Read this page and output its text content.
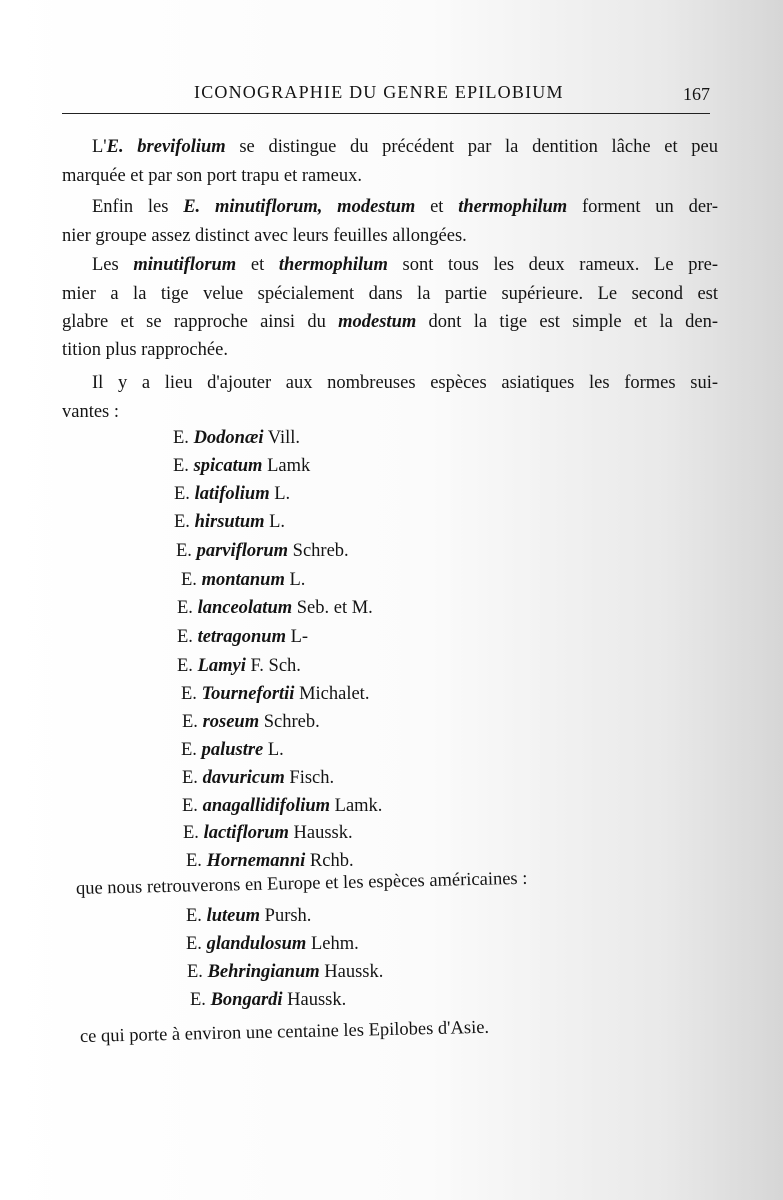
ICONOGRAPHIE DU GENRE EPILOBIUM	167
L'E. brevifolium se distingue du précédent par la dentition lâche et peu
marquée et par son port trapu et rameux.
Enfin les E. minutiflorum, modestum et thermophilum forment un der-
nier groupe assez distinct avec leurs feuilles allongées.
Les minutiflorum et thermophilum sont tous les deux rameux. Le pre-
mier a la tige velue spécialement dans la partie supérieure. Le second est
glabre et se rapproche ainsi du modestum dont la tige est simple et la den-
tition plus rapprochée.
Il y a lieu d'ajouter aux nombreuses espèces asiatiques les formes sui-
vantes :
E. Dodonæi Vill.
E. spicatum Lamk
E. latifolium L.
E. hirsutum L.
E. parviflorum Schreb.
E. montanum L.
E. lanceolatum Seb. et M.
E. tetragonum L-
E. Lamyi F. Sch.
E. Tournefortii Michalet.
E. roseum Schreb.
E. palustre L.
E. davuricum Fisch.
E. anagallidifolium Lamk.
E. lactiflorum Haussk.
E. Hornemanni Rchb.
que nous retrouverons en Europe et les espèces américaines :
E. luteum Pursh.
E. glandulosum Lehm.
E. Behringianum Haussk.
E. Bongardi Haussk.
ce qui porte à environ une centaine les Epilobes d'Asie.
